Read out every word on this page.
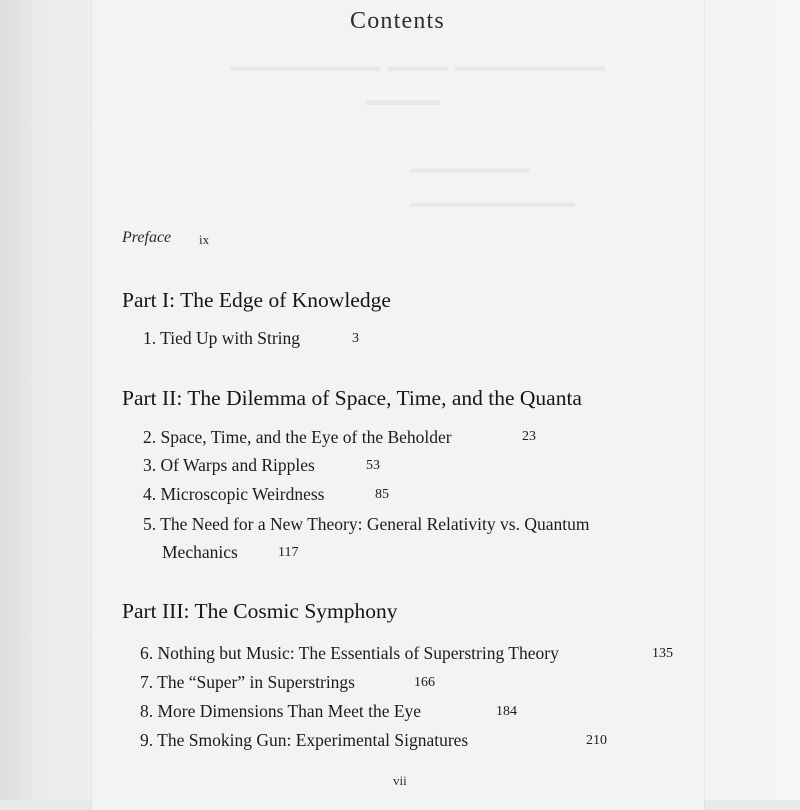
Contents
Preface ix
Part I: The Edge of Knowledge
1. Tied Up with String	3
Part II: The Dilemma of Space, Time, and the Quanta
2. Space, Time, and the Eye of the Beholder	23
3. Of Warps and Ripples	53
4. Microscopic Weirdness	85
5. The Need for a New Theory: General Relativity vs. Quantum
Mechanics	117
Part III: The Cosmic Symphony
6. Nothing but Music: The Essentials of Superstring Theory	135
7. The “Super” in Superstrings	166
8. More Dimensions Than Meet the Eye	184
9. The Smoking Gun: Experimental Signatures	210
vii
